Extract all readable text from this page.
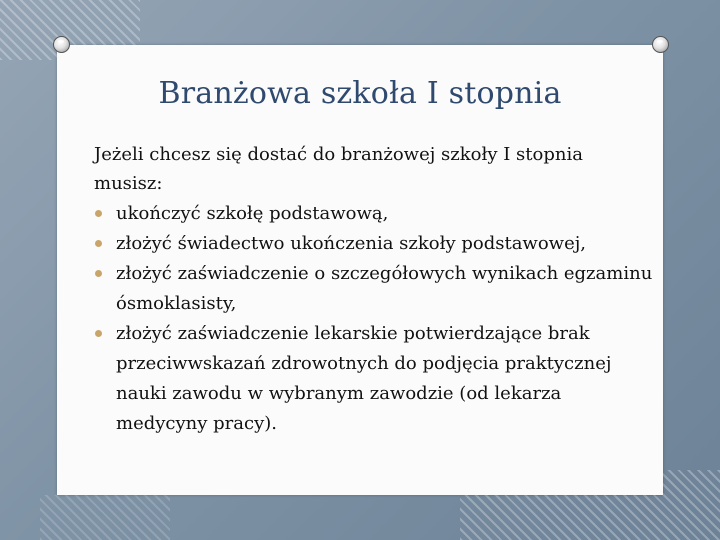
Branżowa szkoła I stopnia
Jeżeli chcesz się dostać do branżowej szkoły I stopnia musisz:
ukończyć szkołę podstawową,
złożyć świadectwo ukończenia szkoły podstawowej,
złożyć zaświadczenie o szczegółowych wynikach egzaminu ósmoklasisty,
złożyć zaświadczenie lekarskie potwierdzające brak przeciwwskazań zdrowotnych do podjęcia praktycznej nauki zawodu w wybranym zawodzie (od lekarza medycyny pracy).
